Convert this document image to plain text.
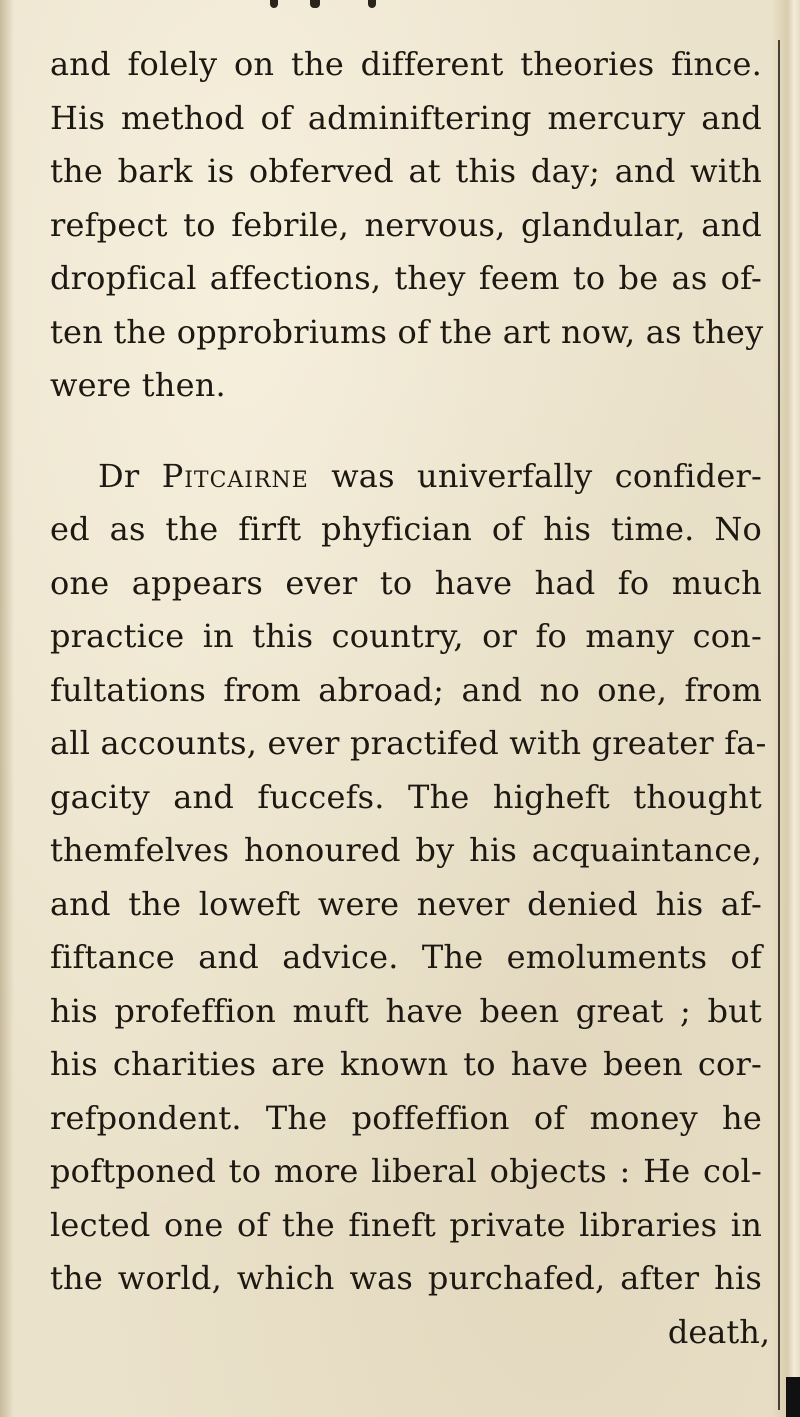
and folely on the different theories fince.
His method of adminiftering mercury and
the bark is obferved at this day; and with
refpect to febrile, nervous, glandular, and
dropfical affections, they feem to be as of-
ten the opprobriums of the art now, as they
were then.
Dr Pitcairne was univerfally confider-
ed as the firft phyfician of his time. No
one appears ever to have had fo much
practice in this country, or fo many con-
fultations from abroad; and no one, from
all accounts, ever practifed with greater fa-
gacity and fuccefs. The higheft thought
themfelves honoured by his acquaintance,
and the loweft were never denied his af-
fiftance and advice. The emoluments of
his profeffion muft have been great ; but
his charities are known to have been cor-
refpondent. The poffeffion of money he
poftponed to more liberal objects : He col-
lected one of the fineft private libraries in
the world, which was purchafed, after his
death,
